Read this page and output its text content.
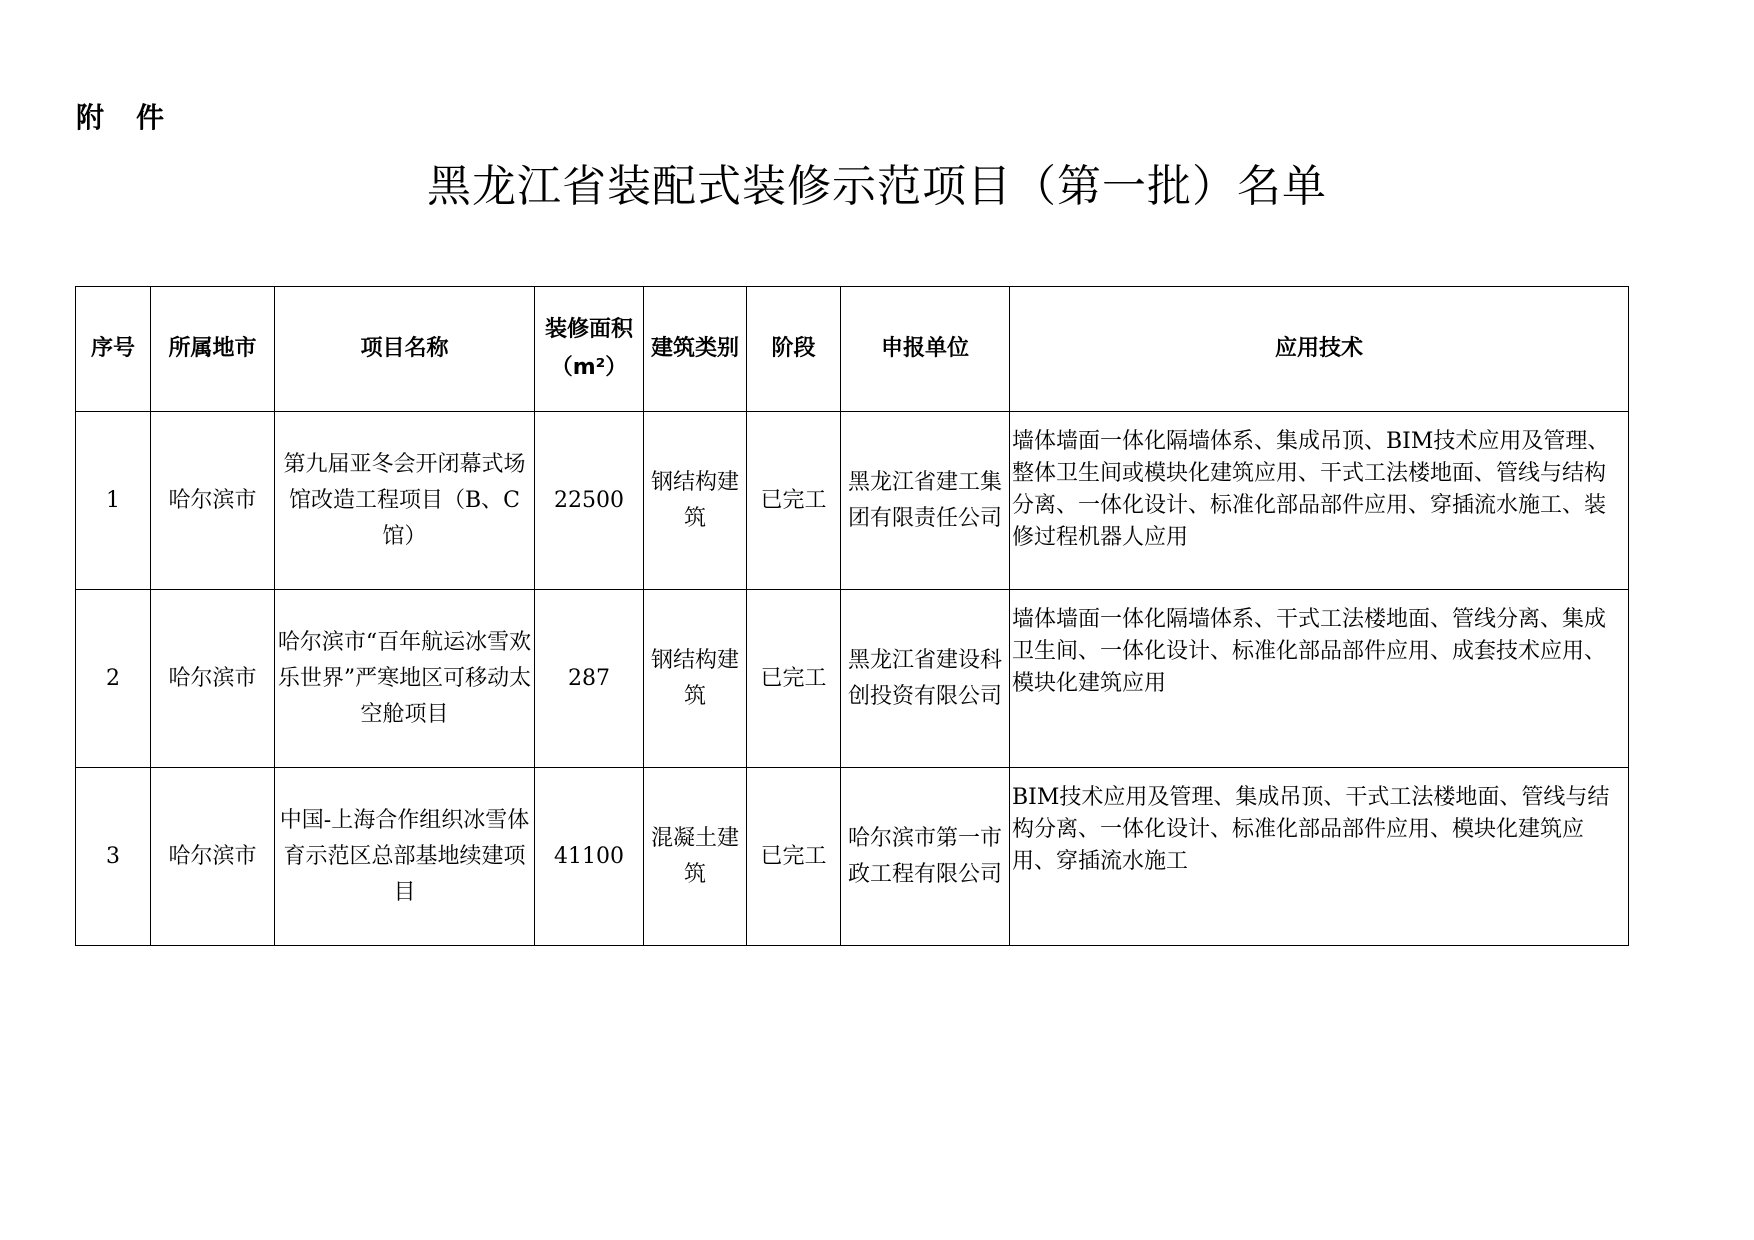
附　件
黑龙江省装配式装修示范项目（第一批）名单
序号	所属地市	项目名称	装修面积（m²）	建筑类别	阶段	申报单位	应用技术
1	哈尔滨市	第九届亚冬会开闭幕式场馆改造工程项目（B、C馆）	22500	钢结构建筑	已完工	黑龙江省建工集团有限责任公司	墙体墙面一体化隔墙体系、集成吊顶、BIM技术应用及管理、整体卫生间或模块化建筑应用、干式工法楼地面、管线与结构分离、一体化设计、标准化部品部件应用、穿插流水施工、装修过程机器人应用
2	哈尔滨市	哈尔滨市“百年航运冰雪欢乐世界”严寒地区可移动太空舱项目	287	钢结构建筑	已完工	黑龙江省建设科创投资有限公司	墙体墙面一体化隔墙体系、干式工法楼地面、管线分离、集成卫生间、一体化设计、标准化部品部件应用、成套技术应用、模块化建筑应用
3	哈尔滨市	中国-上海合作组织冰雪体育示范区总部基地续建项目	41100	混凝土建筑	已完工	哈尔滨市第一市政工程有限公司	BIM技术应用及管理、集成吊顶、干式工法楼地面、管线与结构分离、一体化设计、标准化部品部件应用、模块化建筑应用、穿插流水施工
